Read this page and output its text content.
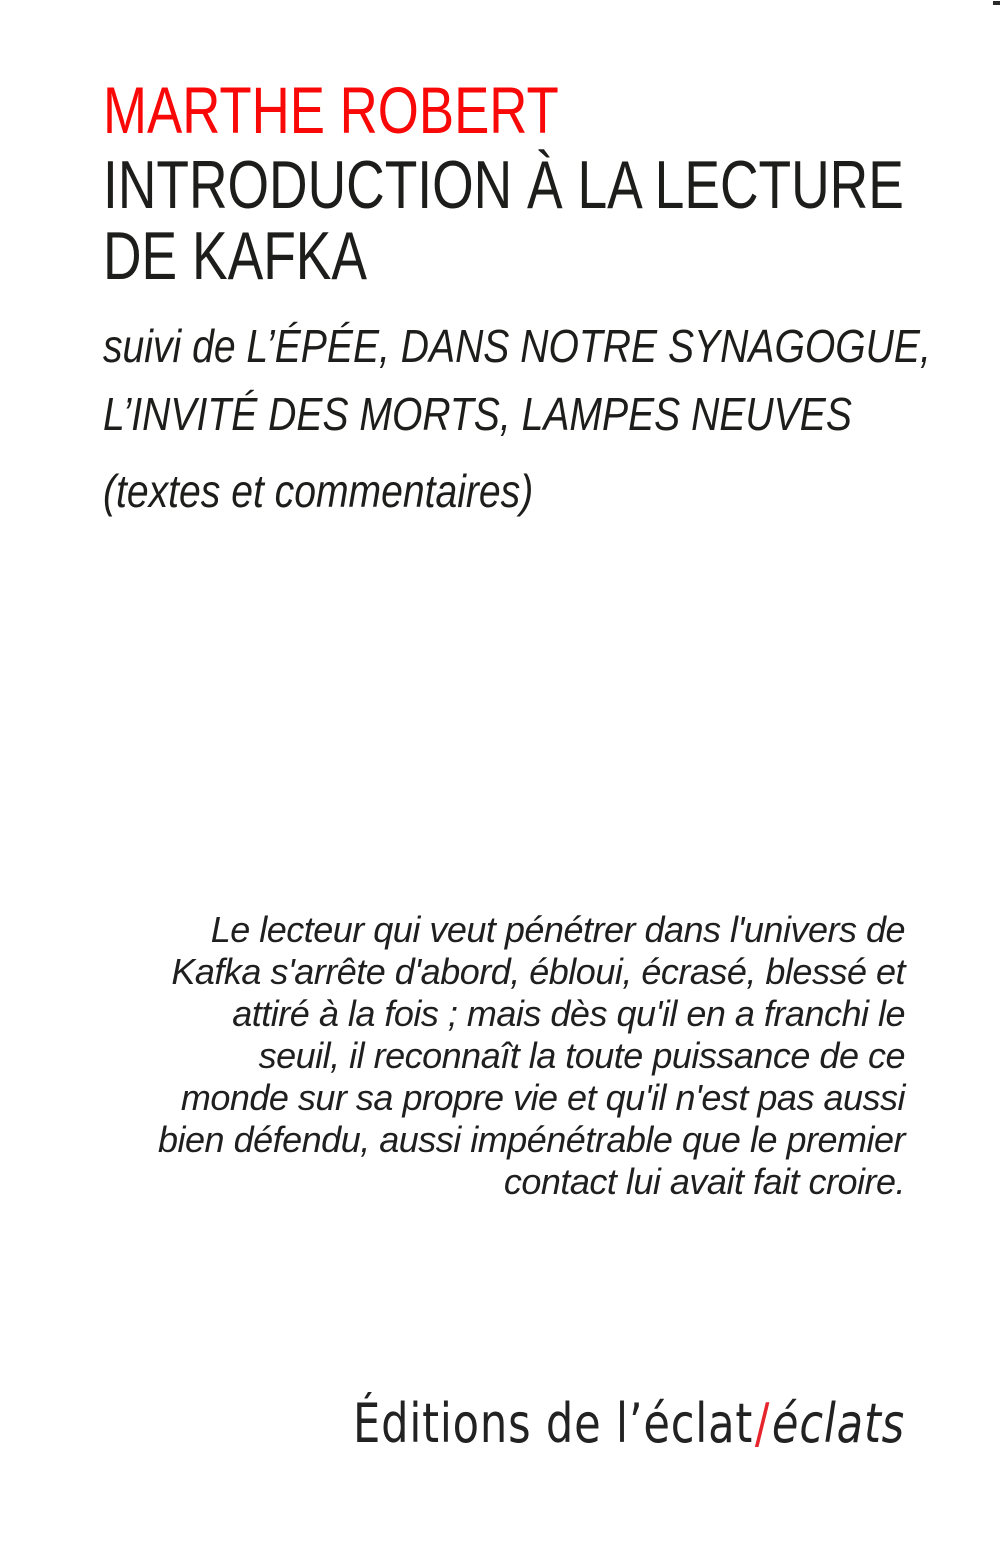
MARTHE ROBERT
INTRODUCTION À LA LECTURE
DE KAFKA
suivi de L’ÉPÉE, DANS NOTRE SYNAGOGUE,
L’INVITÉ DES MORTS, LAMPES NEUVES
(textes et commentaires)
Le lecteur qui veut pénétrer dans l'univers de
Kafka s'arrête d'abord, ébloui, écrasé, blessé et
attiré à la fois ; mais dès qu'il en a franchi le
seuil, il reconnaît la toute puissance de ce
monde sur sa propre vie et qu'il n'est pas aussi
bien défendu, aussi impénétrable que le premier
contact lui avait fait croire.
Éditions de l’éclat/éclats
